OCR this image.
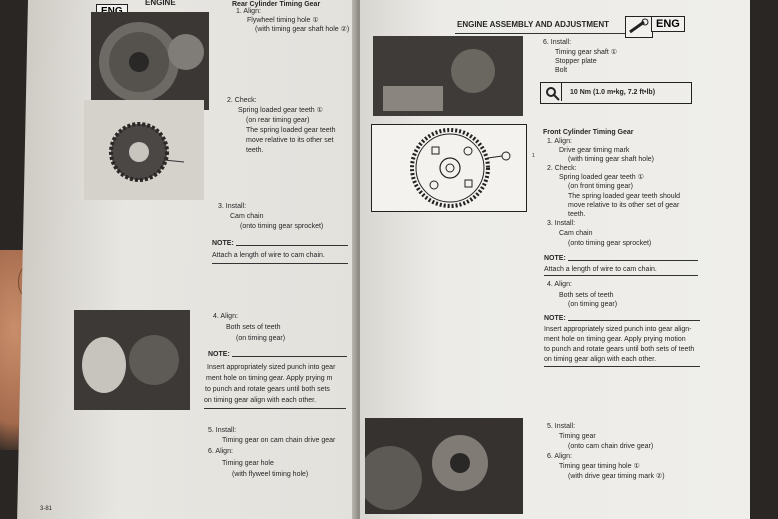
ENGINE	Rear Cylinder Timing Gear
1. Align:
Flywheel timing hole ①
(with timing gear shaft hole ②)
2. Check:
Spring loaded gear teeth ①
(on rear timing gear)
The spring loaded gear teeth
move relative to its other set
teeth.
3. Install:
Cam chain
(onto timing gear sprocket)
NOTE:
Attach a length of wire to cam chain.
4. Align:
Both sets of teeth
(on timing gear)
NOTE:
Insert appropriately sized punch into gear
ment hole on timing gear. Apply prying m
to punch and rotate gears until both sets
on timing gear align with each other.
5. Install:
Timing gear on cam chain drive gear
6. Align:
Timing gear hole
(with flyweel timing hole)
3-81
ENGINE ASSEMBLY AND ADJUSTMENT	ENG
6. Install:
Timing gear shaft ①
Stopper plate
Bolt
10 Nm (1.0 m•kg, 7.2 ft•lb)
1
Front Cylinder Timing Gear
1. Align:
Drive gear timing mark
(with timing gear shaft hole)
2. Check:
Spring loaded gear teeth ①
(on front timing gear)
The spring loaded gear teeth should
move relative to its other set of gear
teeth.
3. Install:
Cam chain
(onto timing gear sprocket)
NOTE:
Attach a length of wire to cam chain.
4. Align:
Both sets of teeth
(on timing gear)
NOTE:
Insert appropriately sized punch into gear align-
ment hole on timing gear. Apply prying motion
to punch and rotate gears until both sets of teeth
on timing gear align with each other.
5. Install:
Timing gear
(onto cam chain drive gear)
6. Align:
Timing gear timing hole ①
(with drive gear timing mark ②)
